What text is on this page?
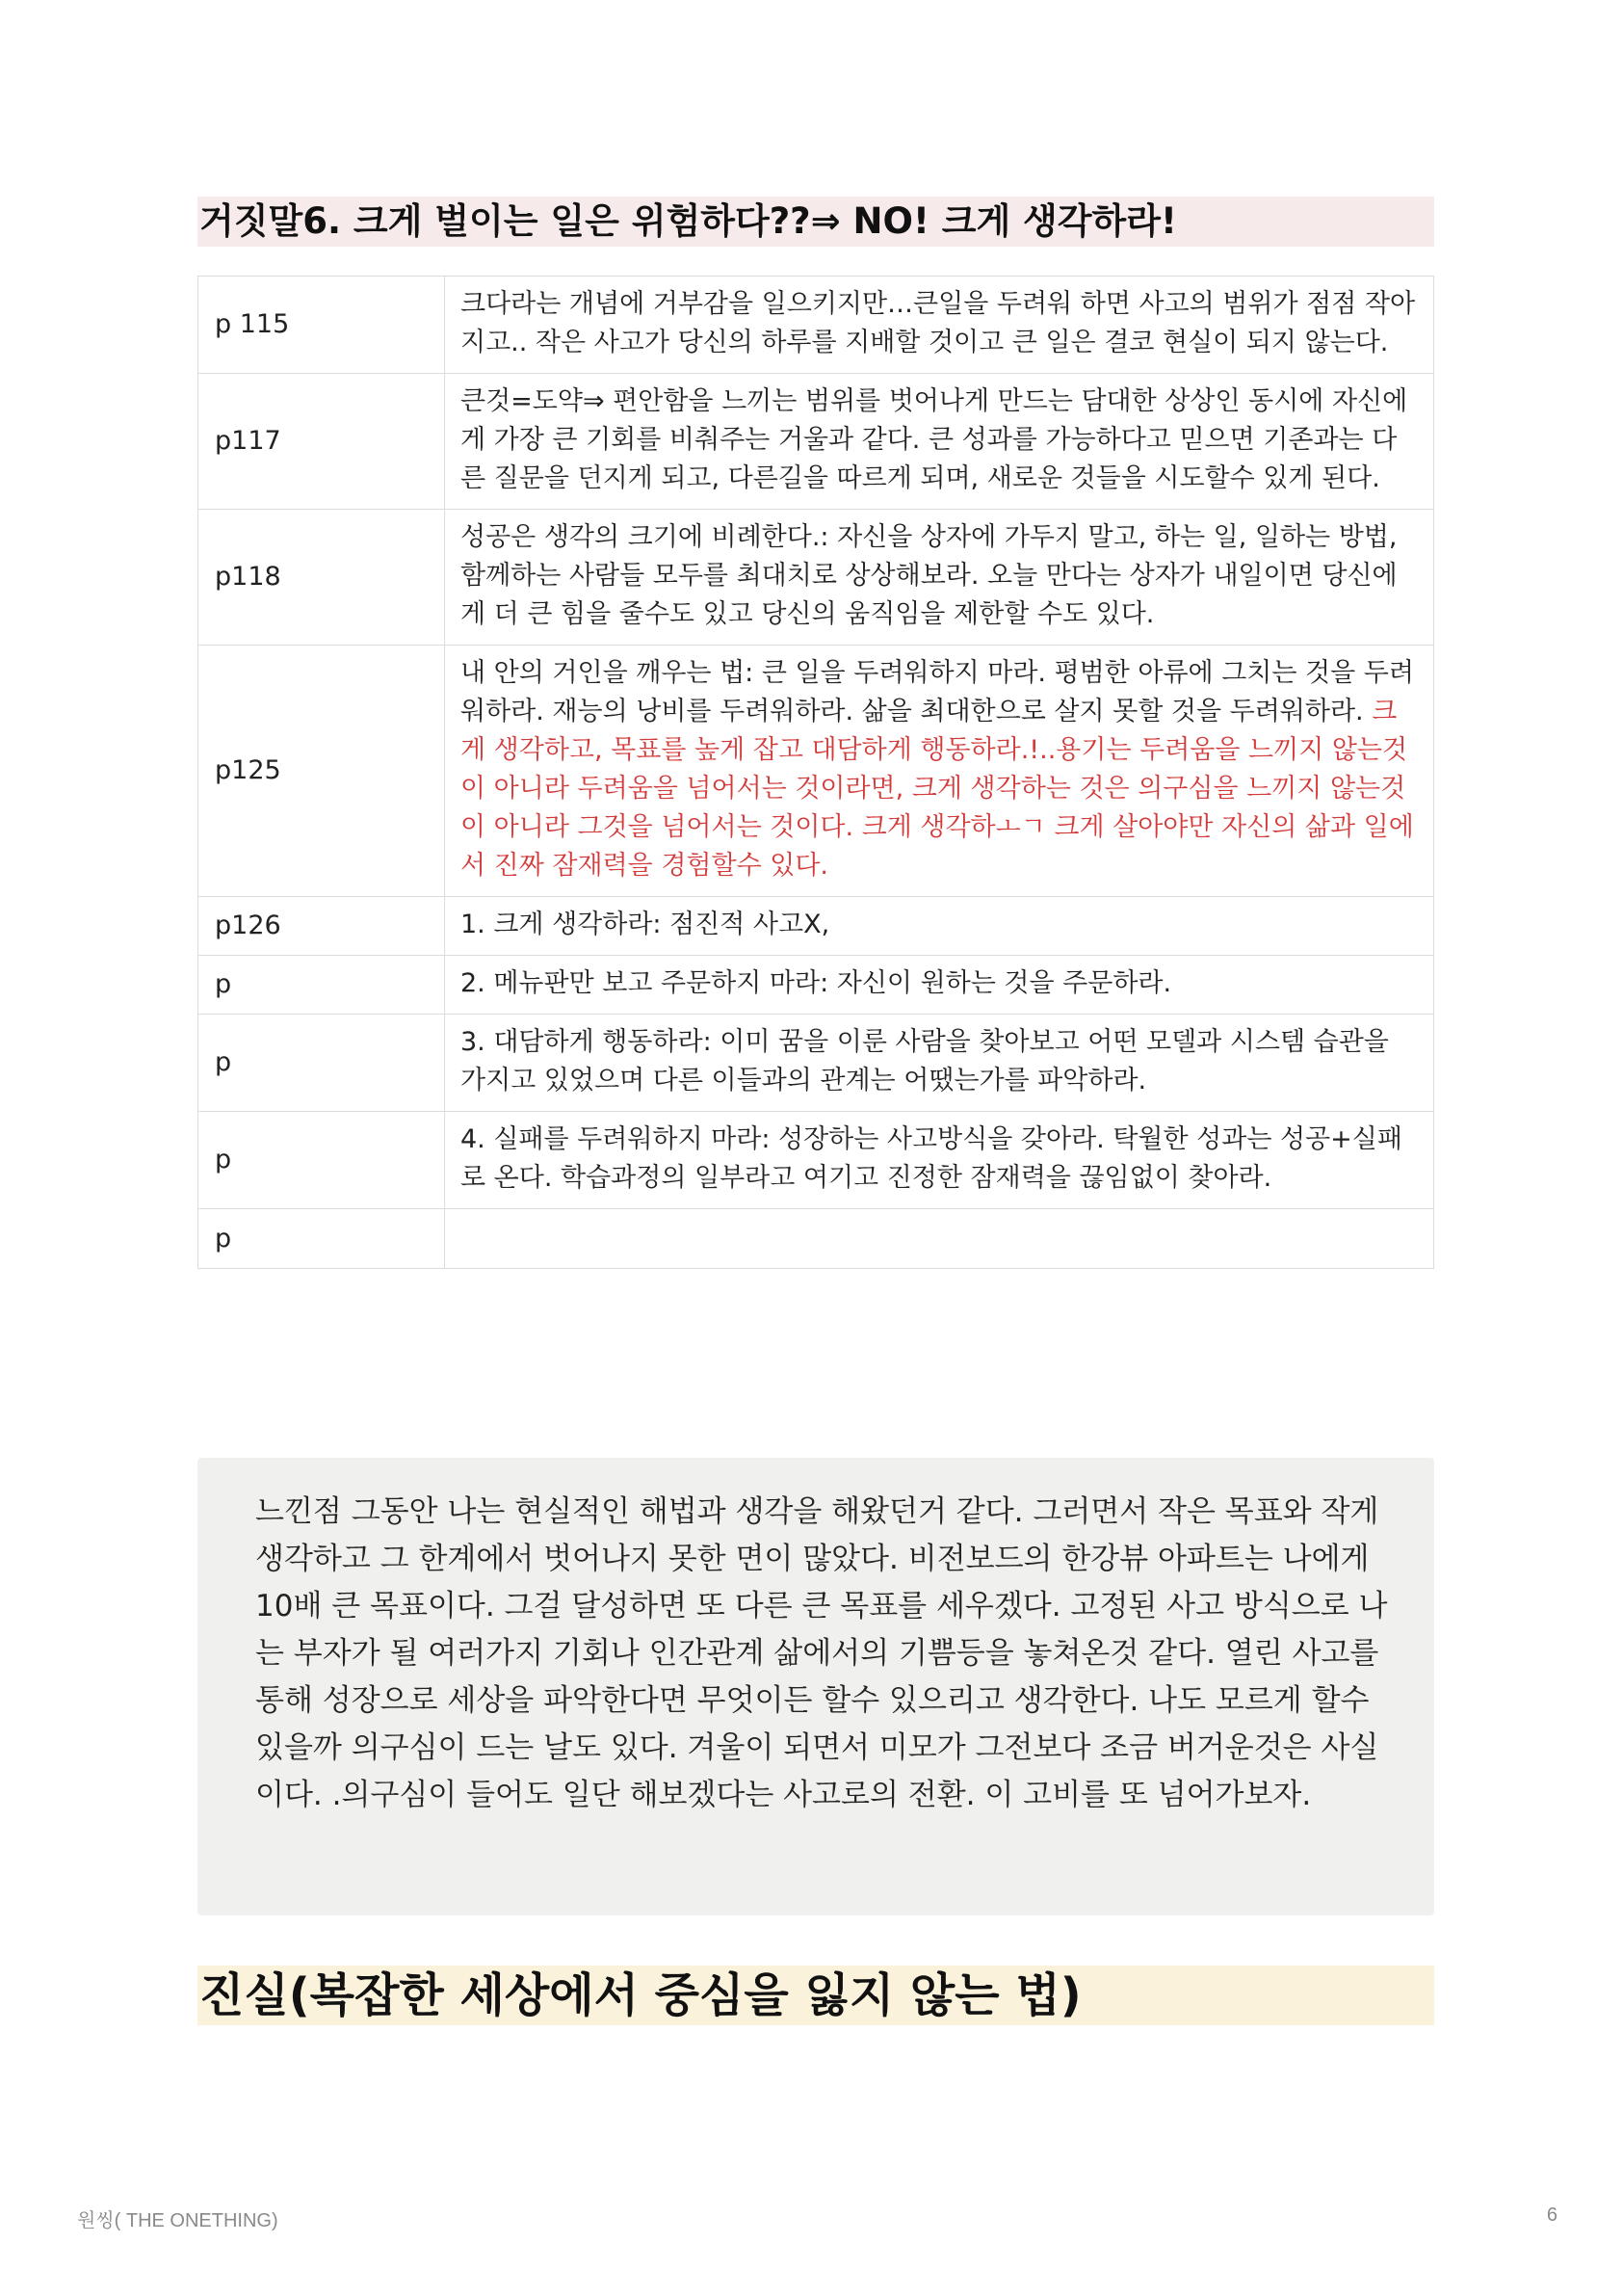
거짓말6. 크게 벌이는 일은 위험하다??⇒ NO! 크게 생각하라!
p 115	크다라는 개념에 거부감을 일으키지만…큰일을 두려워 하면 사고의 범위가 점점 작아지고.. 작은 사고가 당신의 하루를 지배할 것이고 큰 일은 결코 현실이 되지 않는다.
p117	큰것=도약⇒ 편안함을 느끼는 범위를 벗어나게 만드는 담대한 상상인 동시에 자신에게 가장 큰 기회를 비춰주는 거울과 같다. 큰 성과를 가능하다고 믿으면 기존과는 다른 질문을 던지게 되고, 다른길을 따르게 되며, 새로운 것들을 시도할수 있게 된다.
p118	성공은 생각의 크기에 비례한다.: 자신을 상자에 가두지 말고, 하는 일, 일하는 방법, 함께하는 사람들 모두를 최대치로 상상해보라. 오늘 만다는 상자가 내일이면 당신에게 더 큰 힘을 줄수도 있고 당신의 움직임을 제한할 수도 있다.
p125	내 안의 거인을 깨우는 법: 큰 일을 두려워하지 마라. 평범한 아류에 그치는 것을 두려워하라. 재능의 낭비를 두려워하라. 삶을 최대한으로 살지 못할 것을 두려워하라. 크게 생각하고, 목표를 높게 잡고 대담하게 행동하라.!..용기는 두려움을 느끼지 않는것이 아니라 두려움을 넘어서는 것이라면, 크게 생각하는 것은 의구심을 느끼지 않는것이 아니라 그것을 넘어서는 것이다. 크게 생각하ㅗㄱ 크게 살아야만 자신의 삶과 일에서 진짜 잠재력을 경험할수 있다.
p126	1. 크게 생각하라: 점진적 사고X,
p	2. 메뉴판만 보고 주문하지 마라: 자신이 원하는 것을 주문하라.
p	3. 대담하게 행동하라: 이미 꿈을 이룬 사람을 찾아보고 어떤 모델과 시스템 습관을 가지고 있었으며 다른 이들과의 관계는 어땠는가를 파악하라.
p	4. 실패를 두려워하지 마라: 성장하는 사고방식을 갖아라. 탁월한 성과는 성공+실패로 온다. 학습과정의 일부라고 여기고 진정한 잠재력을 끊임없이 찾아라.
p	
느낀점 그동안 나는 현실적인 해법과 생각을 해왔던거 같다. 그러면서 작은 목표와 작게 생각하고 그 한계에서 벗어나지 못한 면이 많았다. 비전보드의 한강뷰 아파트는 나에게 10배 큰 목표이다. 그걸 달성하면 또 다른 큰 목표를 세우겠다. 고정된 사고 방식으로 나는 부자가 될 여러가지 기회나 인간관계 삶에서의 기쁨등을 놓쳐온것 같다. 열린 사고를 통해 성장으로 세상을 파악한다면 무엇이든 할수 있으리고 생각한다. 나도 모르게 할수 있을까 의구심이 드는 날도 있다. 겨울이 되면서 미모가 그전보다 조금 버거운것은 사실이다. .의구심이 들어도 일단 해보겠다는 사고로의 전환. 이 고비를 또 넘어가보자.
진실(복잡한 세상에서 중심을 잃지 않는 법)
원씽( THE ONETHING)	6
